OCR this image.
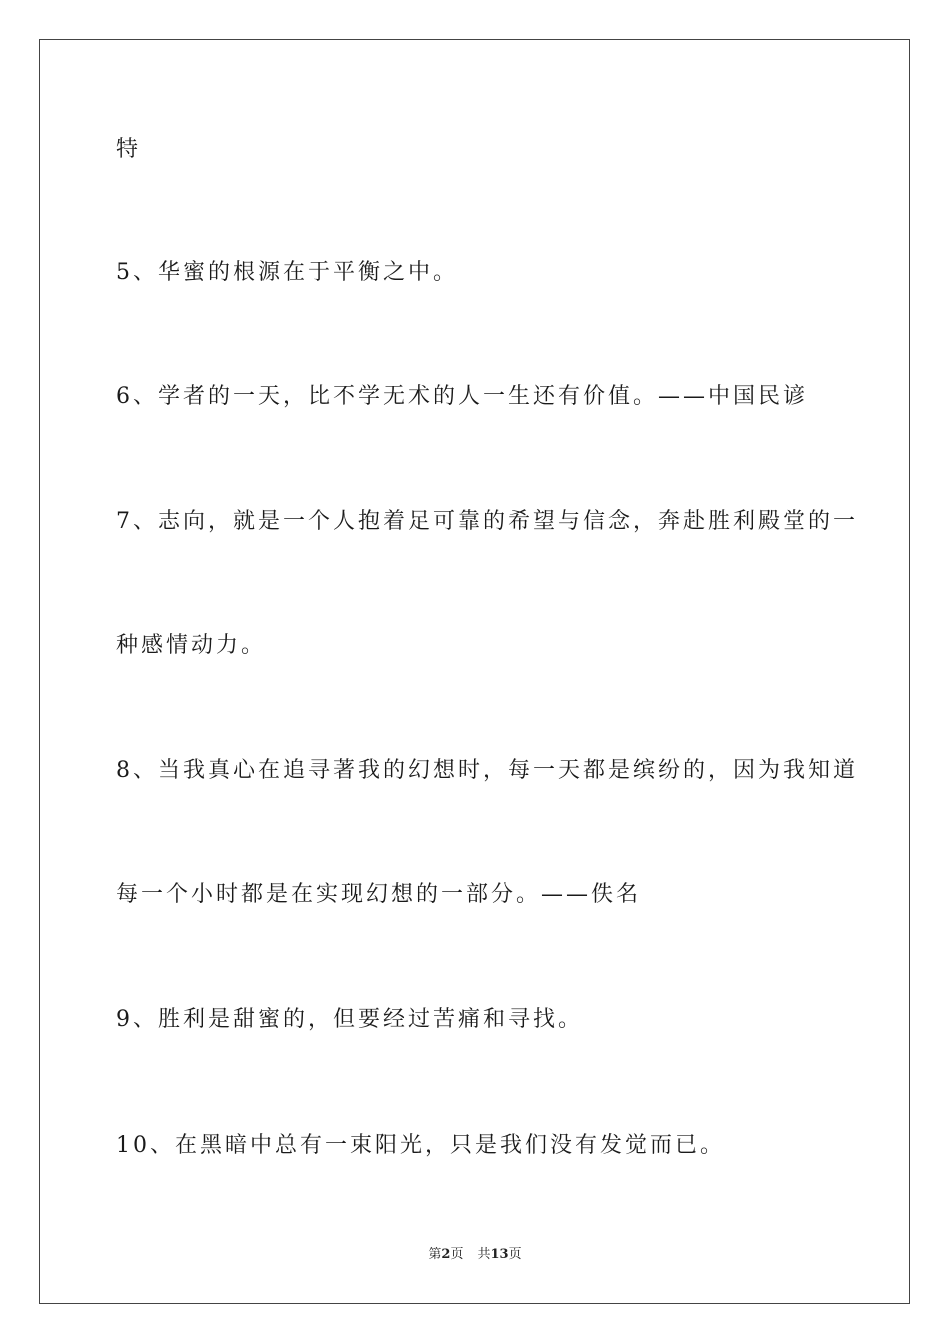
特
5、华蜜的根源在于平衡之中。
6、学者的一天，比不学无术的人一生还有价值。——中国民谚
7、志向，就是一个人抱着足可靠的希望与信念，奔赴胜利殿堂的一
种感情动力。
8、当我真心在追寻著我的幻想时，每一天都是缤纷的，因为我知道
每一个小时都是在实现幻想的一部分。——佚名
9、胜利是甜蜜的，但要经过苦痛和寻找。
10、在黑暗中总有一束阳光，只是我们没有发觉而已。
第2页 共13页
